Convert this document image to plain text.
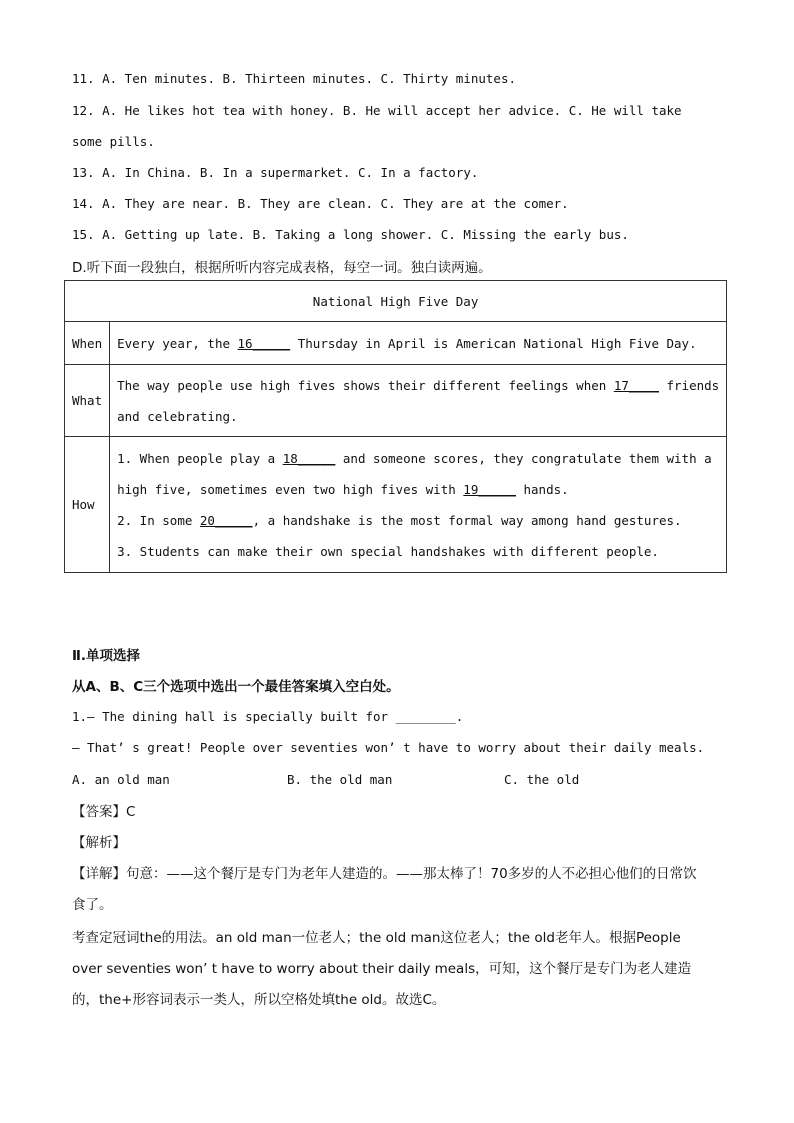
11. A. Ten minutes. B. Thirteen minutes. C. Thirty minutes.
12. A. He likes hot tea with honey. B. He will accept her advice. C. He will take
some pills.
13. A. In China. B. In a supermarket. C. In a factory.
14. A. They are near. B. They are clean. C. They are at the comer.
15. A. Getting up late. B. Taking a long shower. C. Missing the early bus.
D.听下面一段独白，根据所听内容完成表格，每空一词。独白读两遍。
National High Five Day	
When	Every year, the 16_____ Thursday in April is American National High Five Day.
What	The way people use high fives shows their different feelings when 17____ friends
and celebrating.

How	1. When people play a 18_____ and someone scores, they congratulate them with a
high five, sometimes even two high fives with 19_____ hands.
2. In some 20_____, a handshake is the most formal way among hand gestures.
3. Students can make their own special handshakes with different people.
Ⅱ.单项选择
从A、B、C三个选项中选出一个最佳答案填入空白处。
1.— The dining hall is specially built for ________.
— That’ s great! People over seventies won’ t have to worry about their daily meals.
A. an old man	B. the old man	C. the old
【答案】C
【解析】
【详解】句意：——这个餐厅是专门为老年人建造的。——那太棒了！70多岁的人不必担心他们的日常饮
食了。
考查定冠词the的用法。an old man一位老人；the old man这位老人；the old老年人。根据People
over seventies won’ t have to worry about their daily meals，可知，这个餐厅是专门为老人建造
的，the+形容词表示一类人，所以空格处填the old。故选C。
